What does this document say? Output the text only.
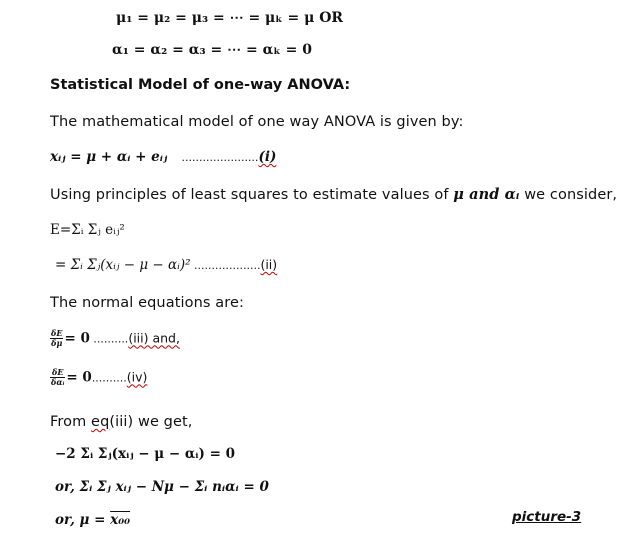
μ₁ = μ₂ = μ₃ = ⋯ = μₖ = μ OR
α₁ = α₂ = α₃ = ⋯ = αₖ = 0
Statistical Model of one-way ANOVA:
The mathematical model of one way ANOVA is given by:
xᵢⱼ = μ + αᵢ + eᵢⱼ ......................(i)
Using principles of least squares to estimate values of μ and αᵢ we consider,
E=Σᵢ Σⱼ eᵢⱼ²
= Σᵢ Σⱼ(xᵢⱼ − μ − αᵢ)² ...................(ii)
The normal equations are:
$\frac{\delta E}{\delta\mu} = 0$ ..........(iii) and,
$\frac{\delta E}{\text{δαᵢ}} = 0..........(iv)$
From eq(iii) we get,
−2 Σᵢ Σⱼ(xᵢⱼ − μ − αᵢ) = 0
or, Σᵢ Σⱼ xᵢⱼ − Nμ − Σᵢ nᵢαᵢ = 0
or, μ = x₀₀	picture-3
